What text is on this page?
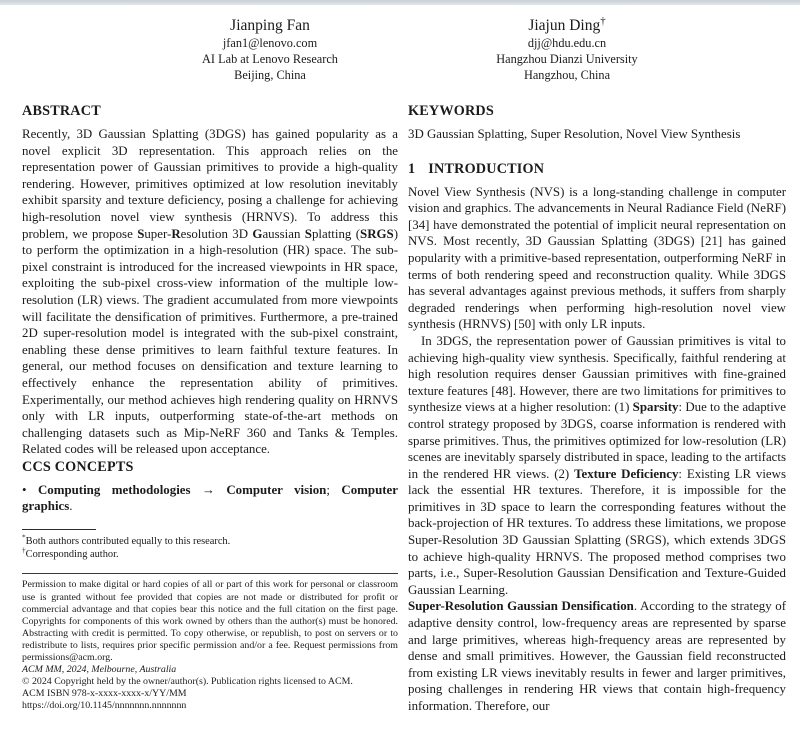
Jianping Fan
jfan1@lenovo.com
AI Lab at Lenovo Research
Beijing, China
Jiajun Ding†
djj@hdu.edu.cn
Hangzhou Dianzi University
Hangzhou, China
ABSTRACT

Recently, 3D Gaussian Splatting (3DGS) has gained popularity as a novel explicit 3D representation. This approach relies on the representation power of Gaussian primitives to provide a high-quality rendering. However, primitives optimized at low resolution inevitably exhibit sparsity and texture deficiency, posing a challenge for achieving high-resolution novel view synthesis (HRNVS). To address this problem, we propose Super-Resolution 3D Gaussian Splatting (SRGS) to perform the optimization in a high-resolution (HR) space. The sub-pixel constraint is introduced for the increased viewpoints in HR space, exploiting the sub-pixel cross-view information of the multiple low-resolution (LR) views. The gradient accumulated from more viewpoints will facilitate the densification of primitives. Furthermore, a pre-trained 2D super-resolution model is integrated with the sub-pixel constraint, enabling these dense primitives to learn faithful texture features. In general, our method focuses on densification and texture learning to effectively enhance the representation ability of primitives. Experimentally, our method achieves high rendering quality on HRNVS only with LR inputs, outperforming state-of-the-art methods on challenging datasets such as Mip-NeRF 360 and Tanks & Temples. Related codes will be released upon acceptance.

CCS CONCEPTS

• Computing methodologies → Computer vision; Computer graphics.

*Both authors contributed equally to this research.

†Corresponding author.

Permission to make digital or hard copies of all or part of this work for personal or classroom use is granted without fee provided that copies are not made or distributed for profit or commercial advantage and that copies bear this notice and the full citation on the first page. Copyrights for components of this work owned by others than the author(s) must be honored. Abstracting with credit is permitted. To copy otherwise, or republish, to post on servers or to redistribute to lists, requires prior specific permission and/or a fee. Request permissions from permissions@acm.org.

ACM MM, 2024, Melbourne, Australia

© 2024 Copyright held by the owner/author(s). Publication rights licensed to ACM.

ACM ISBN 978-x-xxxx-xxxx-x/YY/MM

https://doi.org/10.1145/nnnnnnn.nnnnnnn

KEYWORDS

3D Gaussian Splatting, Super Resolution, Novel View Synthesis

1 INTRODUCTION

Novel View Synthesis (NVS) is a long-standing challenge in computer vision and graphics. The advancements in Neural Radiance Field (NeRF) [34] have demonstrated the potential of implicit neural representation on NVS. Most recently, 3D Gaussian Splatting (3DGS) [21] has gained popularity with a primitive-based representation, outperforming NeRF in terms of both rendering speed and reconstruction quality. While 3DGS has several advantages against previous methods, it suffers from sharply degraded renderings when performing high-resolution novel view synthesis (HRNVS) [50] with only LR inputs.

In 3DGS, the representation power of Gaussian primitives is vital to achieving high-quality view synthesis. Specifically, faithful rendering at high resolution requires denser Gaussian primitives with fine-grained texture features [48]. However, there are two limitations for primitives to synthesize views at a higher resolution: (1) Sparsity: Due to the adaptive control strategy proposed by 3DGS, coarse information is rendered with sparse primitives. Thus, the primitives optimized for low-resolution (LR) scenes are inevitably sparsely distributed in space, leading to the artifacts in the rendered HR views. (2) Texture Deficiency: Existing LR views lack the essential HR textures. Therefore, it is impossible for the primitives in 3D space to learn the corresponding features without the back-projection of HR textures. To address these limitations, we propose Super-Resolution 3D Gaussian Splatting (SRGS), which extends 3DGS to achieve high-quality HRNVS. The proposed method comprises two parts, i.e., Super-Resolution Gaussian Densification and Texture-Guided Gaussian Learning.

Super-Resolution Gaussian Densification. According to the strategy of adaptive density control, low-frequency areas are represented by sparse and large primitives, whereas high-frequency areas are represented by dense and small primitives. However, the Gaussian field reconstructed from existing LR views inevitably results in fewer and larger primitives, posing challenges in rendering HR views that contain high-frequency information. Therefore, our
